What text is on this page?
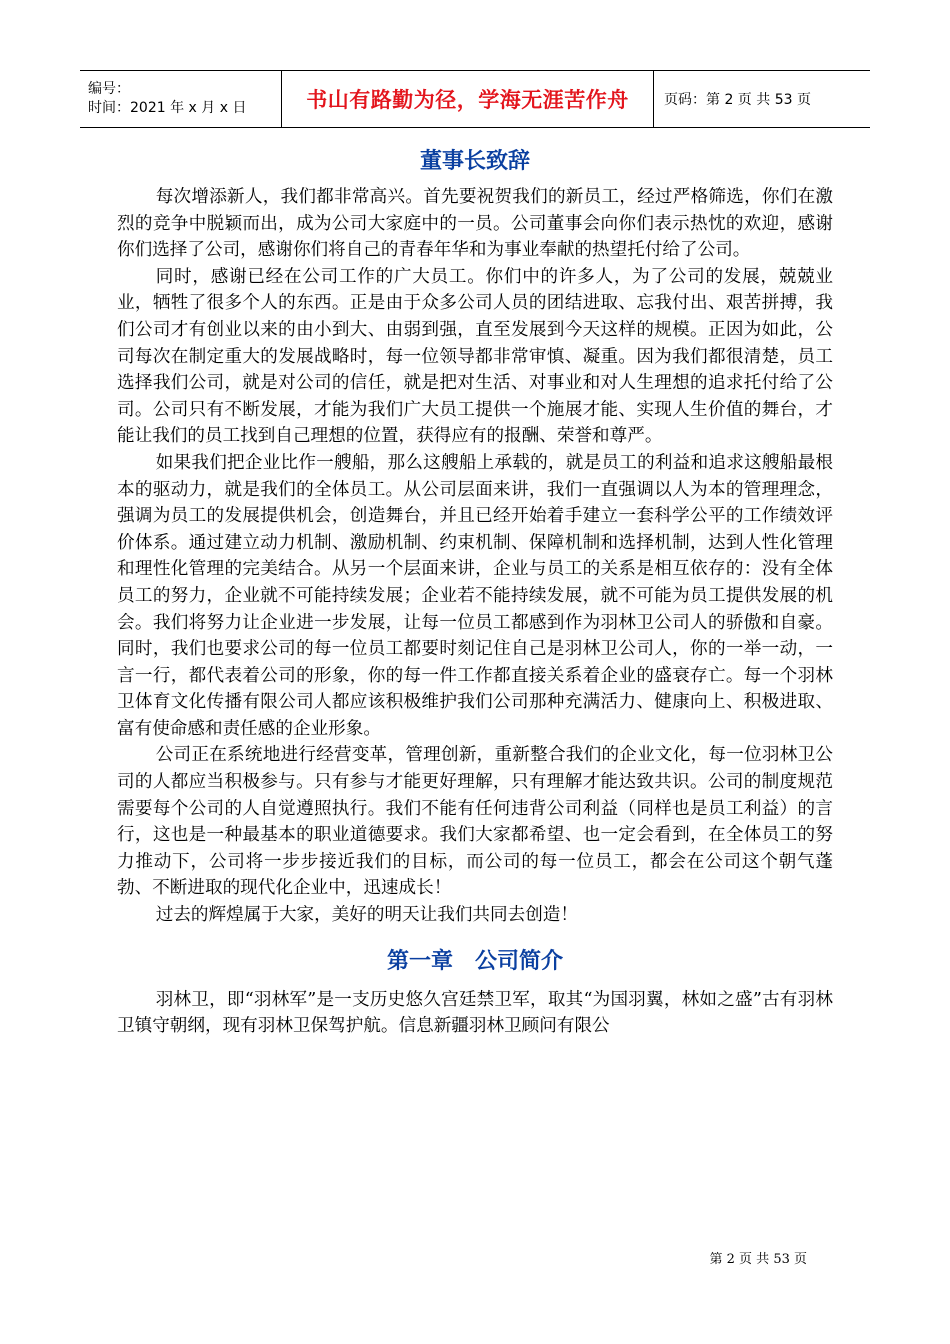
编号：
时间：2021 年 x 月 x 日	书山有路勤为径，学海无涯苦作舟	页码：第 2 页 共 53 页
董事长致辞

每次增添新人，我们都非常高兴。首先要祝贺我们的新员工，经过严格筛选，你们在激烈的竞争中脱颖而出，成为公司大家庭中的一员。公司董事会向你们表示热忱的欢迎，感谢你们选择了公司，感谢你们将自己的青春年华和为事业奉献的热望托付给了公司。

同时，感谢已经在公司工作的广大员工。你们中的许多人，为了公司的发展，兢兢业业，牺牲了很多个人的东西。正是由于众多公司人员的团结进取、忘我付出、艰苦拼搏，我们公司才有创业以来的由小到大、由弱到强，直至发展到今天这样的规模。正因为如此，公司每次在制定重大的发展战略时，每一位领导都非常审慎、凝重。因为我们都很清楚，员工选择我们公司，就是对公司的信任，就是把对生活、对事业和对人生理想的追求托付给了公司。公司只有不断发展，才能为我们广大员工提供一个施展才能、实现人生价值的舞台，才能让我们的员工找到自己理想的位置，获得应有的报酬、荣誉和尊严。

如果我们把企业比作一艘船，那么这艘船上承载的，就是员工的利益和追求这艘船最根本的驱动力，就是我们的全体员工。从公司层面来讲，我们一直强调以人为本的管理理念，强调为员工的发展提供机会，创造舞台，并且已经开始着手建立一套科学公平的工作绩效评价体系。通过建立动力机制、激励机制、约束机制、保障机制和选择机制，达到人性化管理和理性化管理的完美结合。从另一个层面来讲，企业与员工的关系是相互依存的：没有全体员工的努力，企业就不可能持续发展；企业若不能持续发展，就不可能为员工提供发展的机会。我们将努力让企业进一步发展，让每一位员工都感到作为羽林卫公司人的骄傲和自豪。同时，我们也要求公司的每一位员工都要时刻记住自己是羽林卫公司人，你的一举一动，一言一行，都代表着公司的形象，你的每一件工作都直接关系着企业的盛衰存亡。每一个羽林卫体育文化传播有限公司人都应该积极维护我们公司那种充满活力、健康向上、积极进取、富有使命感和责任感的企业形象。

公司正在系统地进行经营变革，管理创新，重新整合我们的企业文化，每一位羽林卫公司的人都应当积极参与。只有参与才能更好理解，只有理解才能达致共识。公司的制度规范需要每个公司的人自觉遵照执行。我们不能有任何违背公司利益（同样也是员工利益）的言行，这也是一种最基本的职业道德要求。我们大家都希望、也一定会看到，在全体员工的努力推动下，公司将一步步接近我们的目标，而公司的每一位员工，都会在公司这个朝气蓬勃、不断进取的现代化企业中，迅速成长！

过去的辉煌属于大家，美好的明天让我们共同去创造！

第一章 公司简介

羽林卫，即“羽林军”是一支历史悠久宫廷禁卫军，取其“为国羽翼，林如之盛”古有羽林卫镇守朝纲，现有羽林卫保驾护航。信息新疆羽林卫顾问有限公

第 2 页 共 53 页
